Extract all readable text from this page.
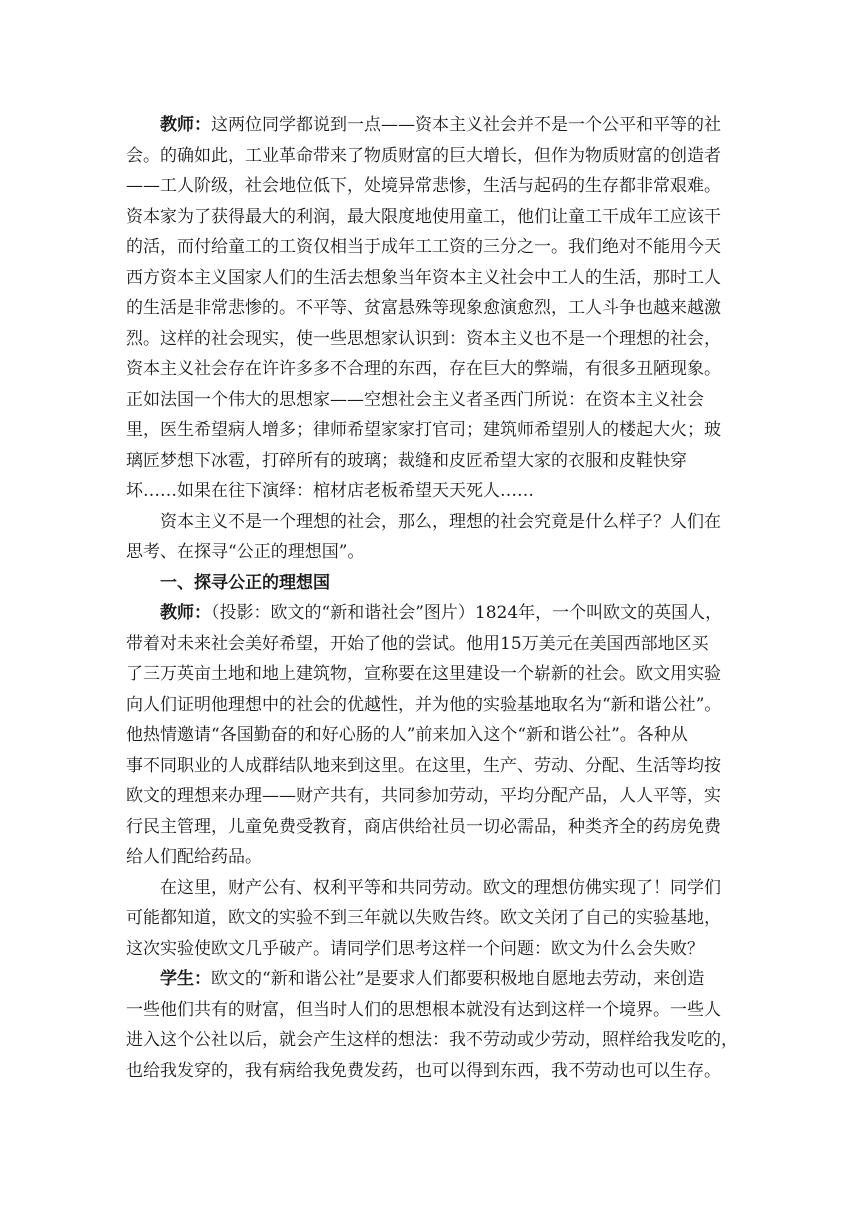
教师：这两位同学都说到一点——资本主义社会并不是一个公平和平等的社
会。的确如此，工业革命带来了物质财富的巨大增长，但作为物质财富的创造者
——工人阶级，社会地位低下，处境异常悲惨，生活与起码的生存都非常艰难。
资本家为了获得最大的利润，最大限度地使用童工，他们让童工干成年工应该干
的活，而付给童工的工资仅相当于成年工工资的三分之一。我们绝对不能用今天
西方资本主义国家人们的生活去想象当年资本主义社会中工人的生活，那时工人
的生活是非常悲惨的。不平等、贫富悬殊等现象愈演愈烈，工人斗争也越来越激
烈。这样的社会现实，使一些思想家认识到：资本主义也不是一个理想的社会，
资本主义社会存在许许多多不合理的东西，存在巨大的弊端，有很多丑陋现象。
正如法国一个伟大的思想家——空想社会主义者圣西门所说：在资本主义社会
里，医生希望病人增多；律师希望家家打官司；建筑师希望别人的楼起大火；玻
璃匠梦想下冰雹，打碎所有的玻璃；裁缝和皮匠希望大家的衣服和皮鞋快穿
坏……如果在往下演绎：棺材店老板希望天天死人……
资本主义不是一个理想的社会，那么，理想的社会究竟是什么样子？人们在
思考、在探寻“公正的理想国”。
一、探寻公正的理想国
教师：（投影：欧文的“新和谐社会”图片）1824年，一个叫欧文的英国人，
带着对未来社会美好希望，开始了他的尝试。他用15万美元在美国西部地区买
了三万英亩土地和地上建筑物，宣称要在这里建设一个崭新的社会。欧文用实验
向人们证明他理想中的社会的优越性，并为他的实验基地取名为“新和谐公社”。
他热情邀请“各国勤奋的和好心肠的人”前来加入这个“新和谐公社”。各种从
事不同职业的人成群结队地来到这里。在这里，生产、劳动、分配、生活等均按
欧文的理想来办理——财产共有，共同参加劳动，平均分配产品，人人平等，实
行民主管理，儿童免费受教育，商店供给社员一切必需品，种类齐全的药房免费
给人们配给药品。
在这里，财产公有、权利平等和共同劳动。欧文的理想仿佛实现了！同学们
可能都知道，欧文的实验不到三年就以失败告终。欧文关闭了自己的实验基地，
这次实验使欧文几乎破产。请同学们思考这样一个问题：欧文为什么会失败？
学生：欧文的“新和谐公社”是要求人们都要积极地自愿地去劳动，来创造
一些他们共有的财富，但当时人们的思想根本就没有达到这样一个境界。一些人
进入这个公社以后，就会产生这样的想法：我不劳动或少劳动，照样给我发吃的，
也给我发穿的，我有病给我免费发药，也可以得到东西，我不劳动也可以生存。
